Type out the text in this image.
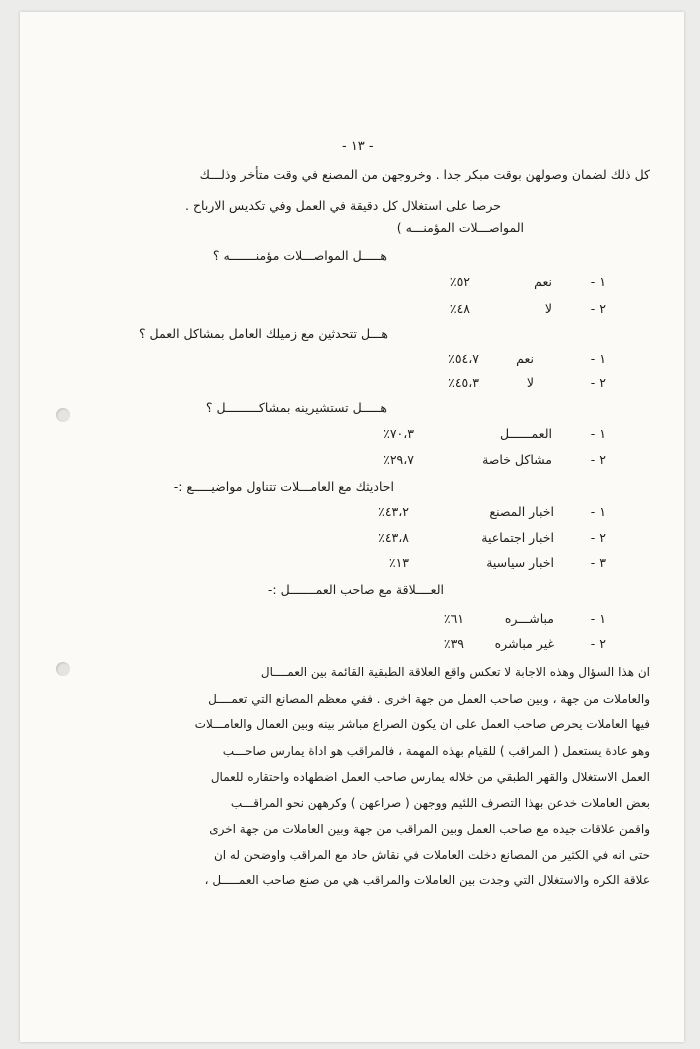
- ١٣ -
كل ذلك لضمان وصولهن بوقت مبكر جدا . وخروجهن من المصنع في وقت متأخر وذلـــك
حرصا على استغلال كل دقيقة في العمل وفي تكديس الارباح .
المواصـــلات المؤمنـــه )
هـــــل المواصـــلات مؤمنـــــــه ؟
١ -
نعم
٥٢٪
٢ -
لا
٤٨٪
هـــل تتحدثين مع زميلك العامل بمشاكل العمل ؟
١ -
نعم
٥٤،٧٪
٢ -
لا
٤٥،٣٪
هـــــل تستشيرينه بمشاكـــــــــل ؟
١ -
العمــــــل
٧٠،٣٪
٢ -
مشاكل خاصة
٢٩،٧٪
احاديثك مع العامـــلات تتناول مواضيـــــع :-
١ -
اخبار المصنع
٤٣،٢٪
٢ -
اخبار اجتماعية
٤٣،٨٪
٣ -
اخبار سياسية
١٣٪
العــــلاقة مع صاحب العمـــــــل :-
١ -
مباشـــره
٦١٪
٢ -
غير مباشره
٣٩٪
ان هذا السؤال وهذه الاجابة لا تعكس واقع العلاقة الطبقية القائمة بين العمــــال
والعاملات من جهة ، وبين صاحب العمل من جهة اخرى . ففي معظم المصانع التي تعمــــل
فيها العاملات يحرص صاحب العمل على ان يكون الصراع مباشر بينه وبين العمال والعامـــلات
وهو عادة يستعمل ( المراقب ) للقيام بهذه المهمة ، فالمراقب هو اداة يمارس صاحـــب
العمل الاستغلال والقهر الطبقي من خلاله يمارس صاحب العمل اضطهاده واحتقاره للعمال
بعض العاملات خدعن بهذا التصرف اللئيم ووجهن ( صراعهن ) وكرههن نحو المراقـــب
واقمن علاقات جيده مع صاحب العمل وبين المراقب من جهة وبين العاملات من جهة اخرى
حتى انه في الكثير من المصانع دخلت العاملات في نقاش حاد مع المراقب واوضحن له ان
علاقة الكره والاستغلال التي وجدت بين العاملات والمراقب هي من صنع صاحب العمـــــل ،
